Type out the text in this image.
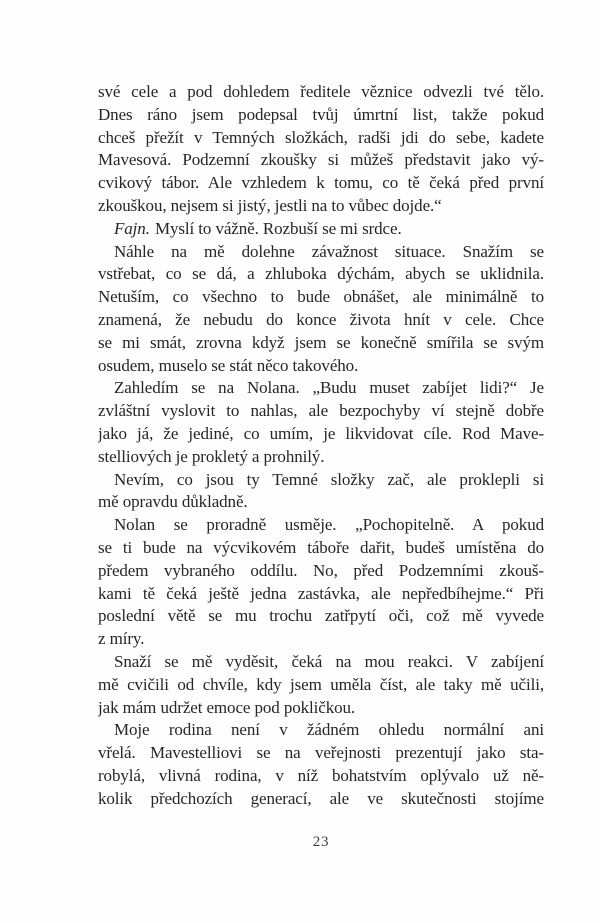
své cele a pod dohledem ředitele věznice odvezli tvé tělo.
Dnes ráno jsem podepsal tvůj úmrtní list, takže pokud
chceš přežít v Temných složkách, radši jdi do sebe, kadete
Mavesová. Podzemní zkoušky si můžeš představit jako vý-
cvikový tábor. Ale vzhledem k tomu, co tě čeká před první
zkouškou, nejsem si jistý, jestli na to vůbec dojde.“
Fajn. Myslí to vážně. Rozbuší se mi srdce.
Náhle na mě dolehne závažnost situace. Snažím se
vstřebat, co se dá, a zhluboka dýchám, abych se uklidnila.
Netuším, co všechno to bude obnášet, ale minimálně to
znamená, že nebudu do konce života hnít v cele. Chce
se mi smát, zrovna když jsem se konečně smířila se svým
osudem, muselo se stát něco takového.
Zahledím se na Nolana. „Budu muset zabíjet lidi?“ Je
zvláštní vyslovit to nahlas, ale bezpochyby ví stejně dobře
jako já, že jediné, co umím, je likvidovat cíle. Rod Mave-
stelliových je prokletý a prohnilý.
Nevím, co jsou ty Temné složky zač, ale proklepli si
mě opravdu důkladně.
Nolan se proradně usměje. „Pochopitelně. A pokud
se ti bude na výcvikovém táboře dařit, budeš umístěna do
předem vybraného oddílu. No, před Podzemními zkouš-
kami tě čeká ještě jedna zastávka, ale nepředbíhejme.“ Při
poslední větě se mu trochu zatřpytí oči, což mě vyvede
z míry.
Snaží se mě vyděsit, čeká na mou reakci. V zabíjení
mě cvičili od chvíle, kdy jsem uměla číst, ale taky mě učili,
jak mám udržet emoce pod pokličkou.
Moje rodina není v žádném ohledu normální ani
vřelá. Mavestelliovi se na veřejnosti prezentují jako sta-
robylá, vlivná rodina, v níž bohatstvím oplývalo už ně-
kolik předchozích generací, ale ve skutečnosti stojíme
23
